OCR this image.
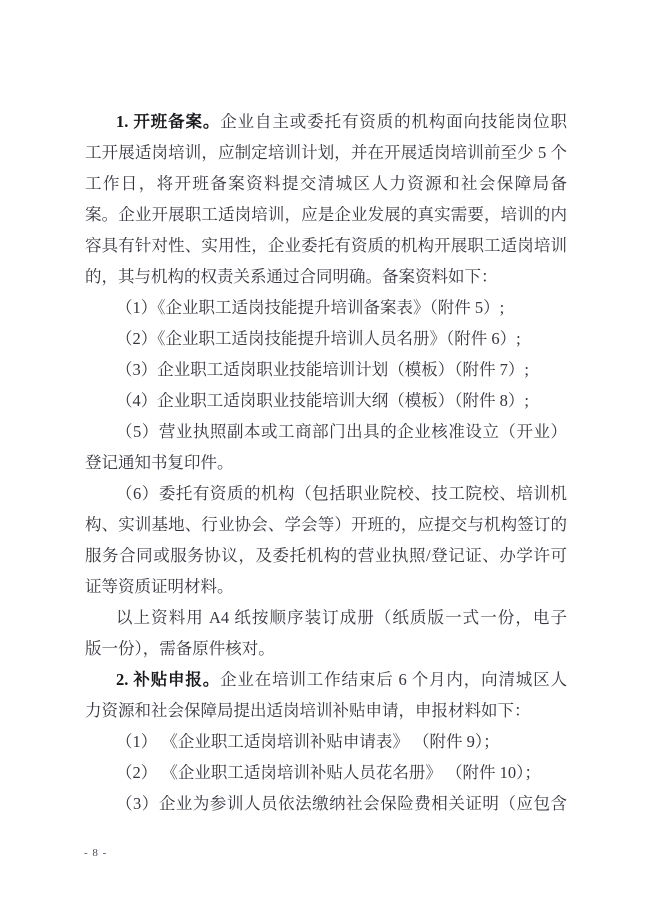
1. 开班备案。企业自主或委托有资质的机构面向技能岗位职
工开展适岗培训，应制定培训计划，并在开展适岗培训前至少 5 个
工作日，将开班备案资料提交清城区人力资源和社会保障局备
案。企业开展职工适岗培训，应是企业发展的真实需要，培训的内
容具有针对性、实用性，企业委托有资质的机构开展职工适岗培训
的，其与机构的权责关系通过合同明确。备案资料如下：
（1）《企业职工适岗技能提升培训备案表》（附件 5）;
（2）《企业职工适岗技能提升培训人员名册》（附件 6）;
（3）企业职工适岗职业技能培训计划（模板）（附件 7）;
（4）企业职工适岗职业技能培训大纲（模板）（附件 8）;
（5）营业执照副本或工商部门出具的企业核准设立（开业）
登记通知书复印件。
（6）委托有资质的机构（包括职业院校、技工院校、培训机
构、实训基地、行业协会、学会等）开班的，应提交与机构签订的
服务合同或服务协议，及委托机构的营业执照/登记证、办学许可
证等资质证明材料。
以上资料用 A4 纸按顺序装订成册（纸质版一式一份，电子
版一份），需备原件核对。
2. 补贴申报。企业在培训工作结束后 6 个月内，向清城区人
力资源和社会保障局提出适岗培训补贴申请，申报材料如下：
（1） 《企业职工适岗培训补贴申请表》 （附件 9）；
（2） 《企业职工适岗培训补贴人员花名册》 （附件 10）；
（3）企业为参训人员依法缴纳社会保险费相关证明（应包含
- 8 -
